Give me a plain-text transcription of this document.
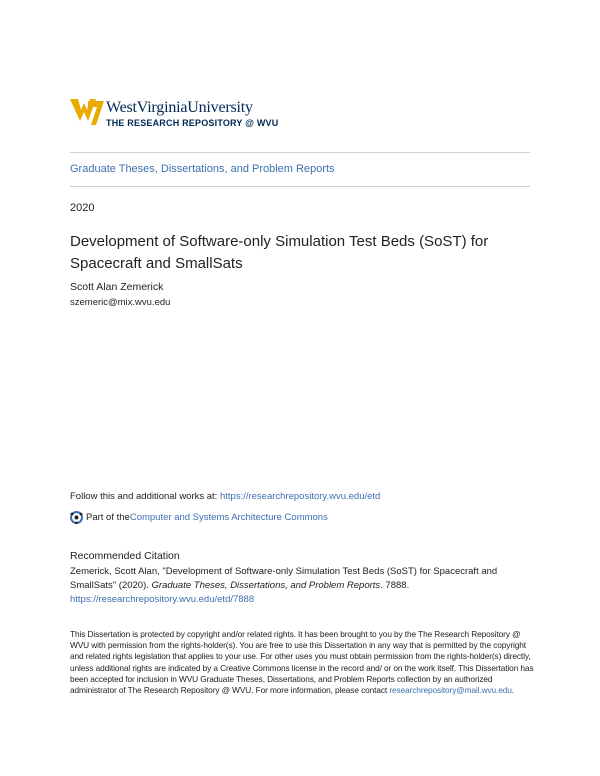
WestVirginiaUniversity
THE RESEARCH REPOSITORY @ WVU
Graduate Theses, Dissertations, and Problem Reports
2020
Development of Software-only Simulation Test Beds (SoST) for Spacecraft and SmallSats
Scott Alan Zemerick
szemeric@mix.wvu.edu
Follow this and additional works at: https://researchrepository.wvu.edu/etd
Part of the Computer and Systems Architecture Commons
Recommended Citation
Zemerick, Scott Alan, "Development of Software-only Simulation Test Beds (SoST) for Spacecraft and SmallSats" (2020). Graduate Theses, Dissertations, and Problem Reports. 7888.
https://researchrepository.wvu.edu/etd/7888

This Dissertation is protected by copyright and/or related rights. It has been brought to you by the The Research Repository @ WVU with permission from the rights-holder(s). You are free to use this Dissertation in any way that is permitted by the copyright and related rights legislation that applies to your use. For other uses you must obtain permission from the rights-holder(s) directly, unless additional rights are indicated by a Creative Commons license in the record and/ or on the work itself. This Dissertation has been accepted for inclusion in WVU Graduate Theses, Dissertations, and Problem Reports collection by an authorized administrator of The Research Repository @ WVU. For more information, please contact researchrepository@mail.wvu.edu.
